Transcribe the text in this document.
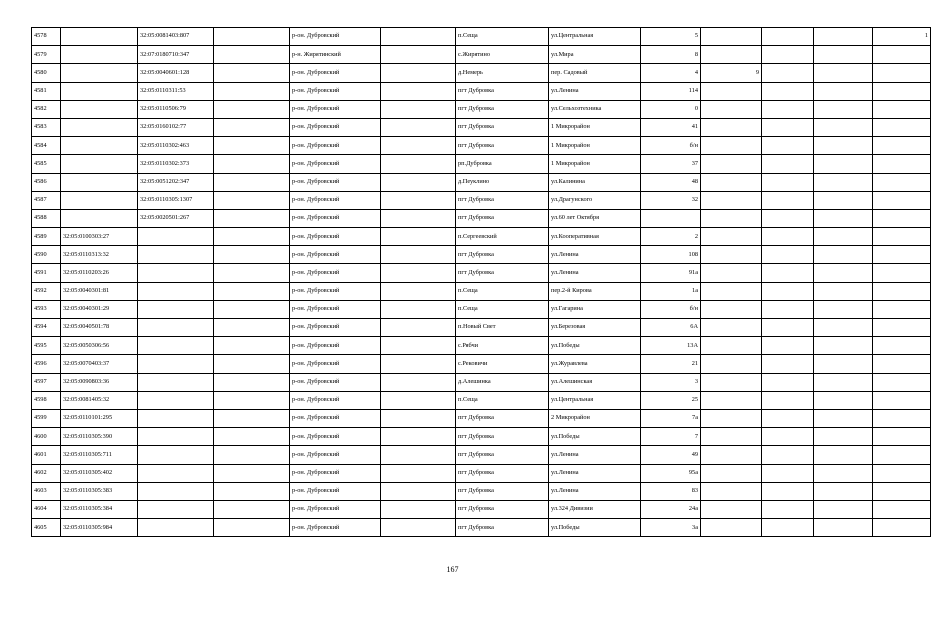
4578		32:05:0081403:807		р-он. Дубровский		п.Сеща	ул.Центральная	5				1
4579		32:07:0180710:347		р-н. Жирятинский		с.Жирятино	ул.Мира	8				
4580		32:05:0040601:128		р-он. Дубровский		д.Немерь	пер. Садовый	4	9			
4581		32:05:0110311:53		р-он. Дубровский		пгт Дубровка	ул.Ленина	114				
4582		32:05:0110506:79		р-он. Дубровский		пгт Дубровка	ул.Сельхозтехника	0				
4583		32:05:0160102:77		р-он. Дубровский		пгт Дубровка	1 Микрорайон	41				
4584		32:05:0110302:463		р-он. Дубровский		пгт Дубровка	1 Микрорайон	б/н				
4585		32:05:0110302:373		р-он. Дубровский		рп.Дубровка	1 Микрорайон	37				
4586		32:05:0051202:347		р-он. Дубровский		д.Пеуклино	ул.Калинина	48				
4587		32:05:0110305:1307		р-он. Дубровский		пгт Дубровка	ул.Драгунского	32				
4588		32:05:0020501:267		р-он. Дубровский		пгт Дубровка	ул.60 лет Октября					
4589	32:05:0100303:27			р-он. Дубровский		п.Сергеевский	ул.Кооперативная	2				
4590	32:05:0110313:32			р-он. Дубровский		пгт Дубровка	ул.Ленина	108				
4591	32:05:0110203:26			р-он. Дубровский		пгт Дубровка	ул.Ленина	91а				
4592	32:05:0040301:81			р-он. Дубровский		п.Сеща	пер.2-й Кирова	1а				
4593	32:05:0040301:29			р-он. Дубровский		п.Сеща	ул.Гагарина	б/н				
4594	32:05:0040501:78			р-он. Дубровский		п.Новый Свет	ул.Березовая	6А				
4595	32:05:0050306:56			р-он. Дубровский		с.Рябчи	ул.Победы	13А				
4596	32:05:0070403:37			р-он. Дубровский		с.Рековичи	ул.Журавлева	21				
4597	32:05:0090803:36			р-он. Дубровский		д.Алешинка	ул.Алешинская	3				
4598	32:05:0081405:32			р-он. Дубровский		п.Сеща	ул.Центральная	25				
4599	32:05:0110101:295			р-он. Дубровский		пгт Дубровка	2 Микрорайон	7а				
4600	32:05:0110305:390			р-он. Дубровский		пгт Дубровка	ул.Победы	7				
4601	32:05:0110305:711			р-он. Дубровский		пгт Дубровка	ул.Ленина	49				
4602	32:05:0110305:402			р-он. Дубровский		пгт Дубровка	ул.Ленина	95а				
4603	32:05:0110305:383			р-он. Дубровский		пгт Дубровка	ул.Ленина	83				
4604	32:05:0110305:384			р-он. Дубровский		пгт Дубровка	ул.324 Дивизии	24а				
4605	32:05:0110305:984			р-он. Дубровский		пгт Дубровка	ул.Победы	3а				
167
